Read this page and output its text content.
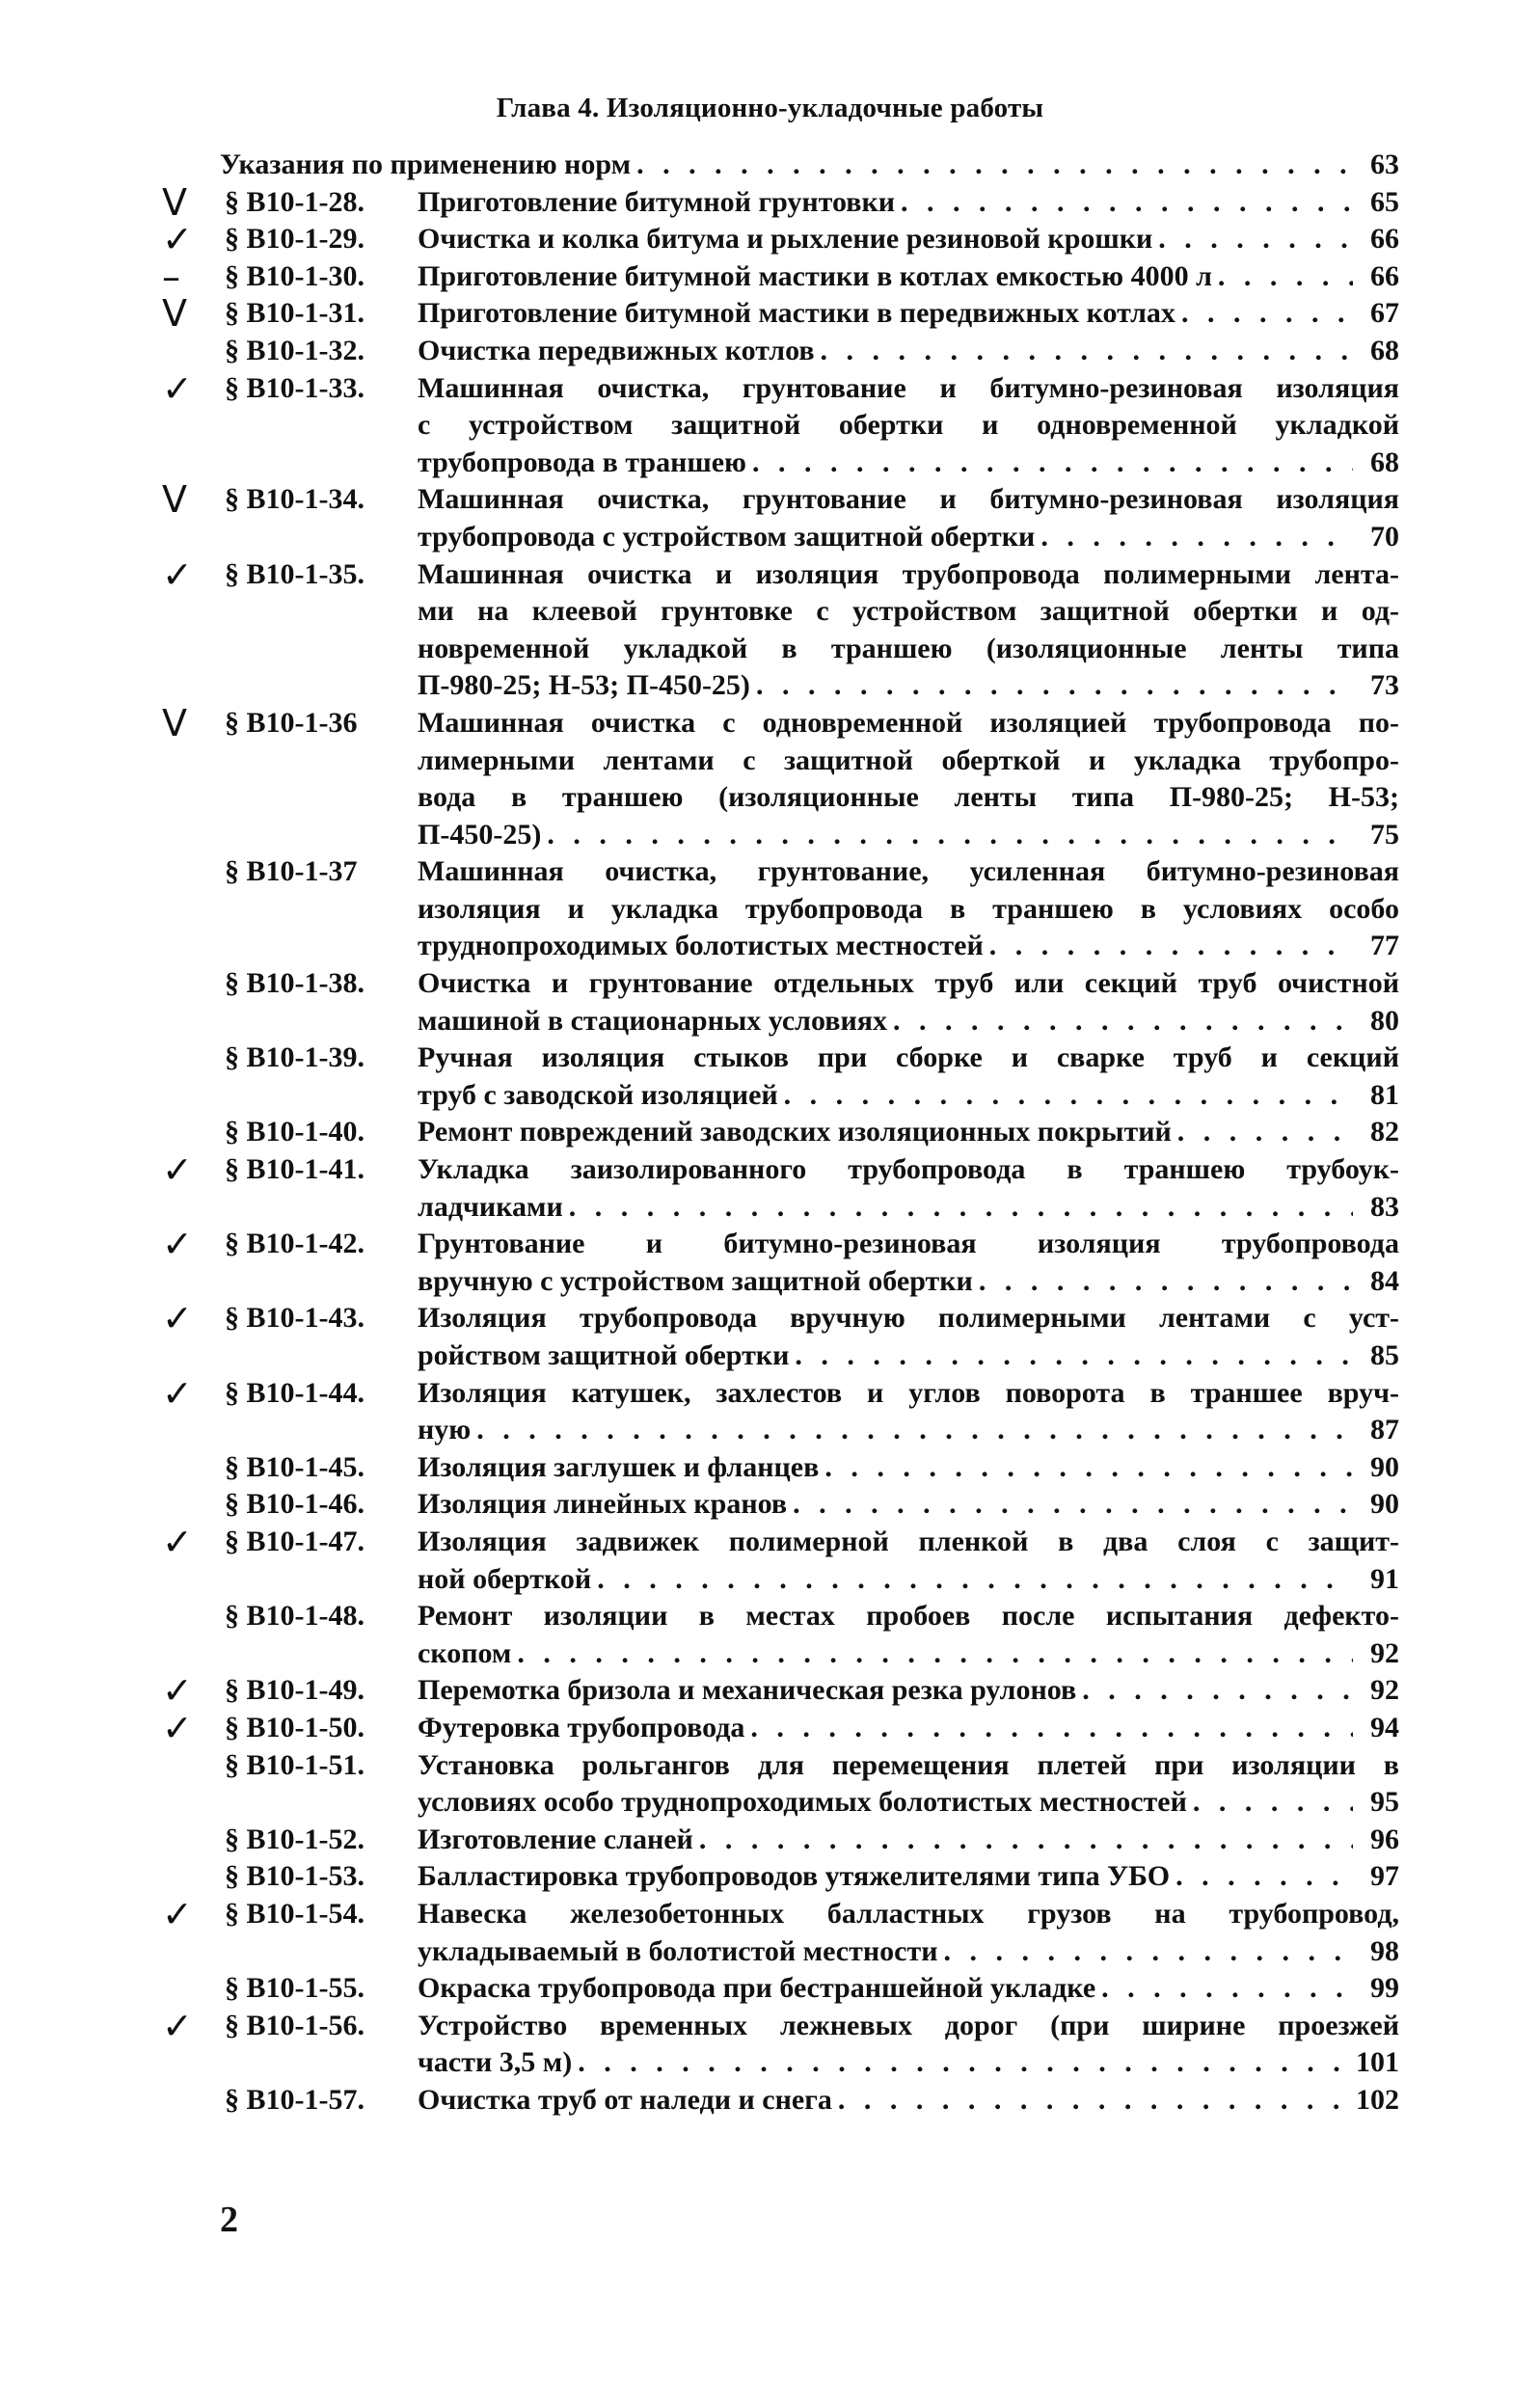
Глава 4. Изоляционно-укладочные работы
Указания по применению норм . . .	63
V	§ В10-1-28. Приготовление битумной грунтовки . . .	65
✓	§ В10-1-29. Очистка и колка битума и рыхление резиновой крошки . . .	66
–	§ В10-1-30. Приготовление битумной мастики в котлах емкостью 4000 л . . .	66
V	§ В10-1-31. Приготовление битумной мастики в передвижных котлах . . .	67
§ В10-1-32. Очистка передвижных котлов . . .	68
✓	§ В10-1-33. Машинная очистка, грунтование и битумно-резиновая изоляция
с устройством защитной обертки и одновременной укладкой
трубопровода в траншею . . .	68
V	§ В10-1-34. Машинная очистка, грунтование и битумно-резиновая изоляция
трубопровода с устройством защитной обертки . . .	70
✓	§ В10-1-35. Машинная очистка и изоляция трубопровода полимерными лента-
ми на клеевой грунтовке с устройством защитной обертки и од-
новременной укладкой в траншею (изоляционные ленты типа
П-980-25; Н-53; П-450-25) . . .	73
V	§ В10-1-36 Машинная очистка с одновременной изоляцией трубопровода по-
лимерными лентами с защитной оберткой и укладка трубопро-
вода в траншею (изоляционные ленты типа П-980-25; Н-53;
П-450-25) . . .	75
§ В10-1-37 Машинная очистка, грунтование, усиленная битумно-резиновая
изоляция и укладка трубопровода в траншею в условиях особо
труднопроходимых болотистых местностей . . .	77
§ В10-1-38. Очистка и грунтование отдельных труб или секций труб очистной
машиной в стационарных условиях . . .	80
§ В10-1-39. Ручная изоляция стыков при сборке и сварке труб и секций
труб с заводской изоляцией . . .	81
§ В10-1-40. Ремонт повреждений заводских изоляционных покрытий . . .	82
✓	§ В10-1-41. Укладка заизолированного трубопровода в траншею трубоук-
ладчиками . . .	83
✓	§ В10-1-42. Грунтование и битумно-резиновая изоляция трубопровода
вручную с устройством защитной обертки . . .	84
✓	§ В10-1-43. Изоляция трубопровода вручную полимерными лентами с уст-
ройством защитной обертки . . .	85
✓	§ В10-1-44. Изоляция катушек, захлестов и углов поворота в траншее вруч-
ную . . .	87
§ В10-1-45. Изоляция заглушек и фланцев . . .	90
§ В10-1-46. Изоляция линейных кранов . . .	90
✓	§ В10-1-47. Изоляция задвижек полимерной пленкой в два слоя с защит-
ной оберткой . . .	91
§ В10-1-48. Ремонт изоляции в местах пробоев после испытания дефекто-
скопом . . .	92
✓	§ В10-1-49. Перемотка бризола и механическая резка рулонов . . .	92
✓	§ В10-1-50. Футеровка трубопровода . . .	94
§ В10-1-51. Установка рольгангов для перемещения плетей при изоляции в
условиях особо труднопроходимых болотистых местностей . . .	95
§ В10-1-52. Изготовление сланей . . .	96
§ В10-1-53. Балластировка трубопроводов утяжелителями типа УБО . . .	97
✓	§ В10-1-54. Навеска железобетонных балластных грузов на трубопровод,
укладываемый в болотистой местности . . .	98
§ В10-1-55. Окраска трубопровода при бестраншейной укладке . . .	99
✓	§ В10-1-56. Устройство временных лежневых дорог (при ширине проезжей
части 3,5 м) . . .	101
§ В10-1-57. Очистка труб от наледи и снега . . .	102
2
